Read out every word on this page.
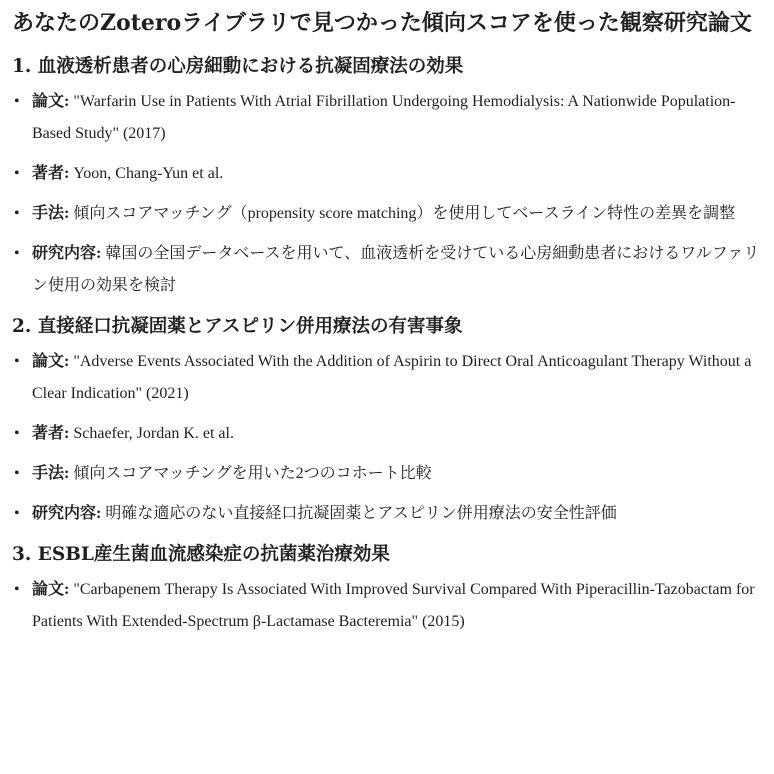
あなたのZoteroライブラリで見つかった傾向スコアを使った観察研究論文
1. 血液透析患者の心房細動における抗凝固療法の効果
• 論文: "Warfarin Use in Patients With Atrial Fibrillation Undergoing Hemodialysis: A Nationwide Population-Based Study" (2017)
• 著者: Yoon, Chang-Yun et al.
• 手法: 傾向スコアマッチング（propensity score matching）を使用してベースライン特性の差異を調整
• 研究内容: 韓国の全国データベースを用いて、血液透析を受けている心房細動患者におけるワルファリン使用の効果を検討
2. 直接経口抗凝固薬とアスピリン併用療法の有害事象
• 論文: "Adverse Events Associated With the Addition of Aspirin to Direct Oral Anticoagulant Therapy Without a Clear Indication" (2021)
• 著者: Schaefer, Jordan K. et al.
• 手法: 傾向スコアマッチングを用いた2つのコホート比較
• 研究内容: 明確な適応のない直接経口抗凝固薬とアスピリン併用療法の安全性評価
3. ESBL産生菌血流感染症の抗菌薬治療効果
• 論文: "Carbapenem Therapy Is Associated With Improved Survival Compared With Piperacillin-Tazobactam for Patients With Extended-Spectrum β-Lactamase Bacteremia" (2015)
